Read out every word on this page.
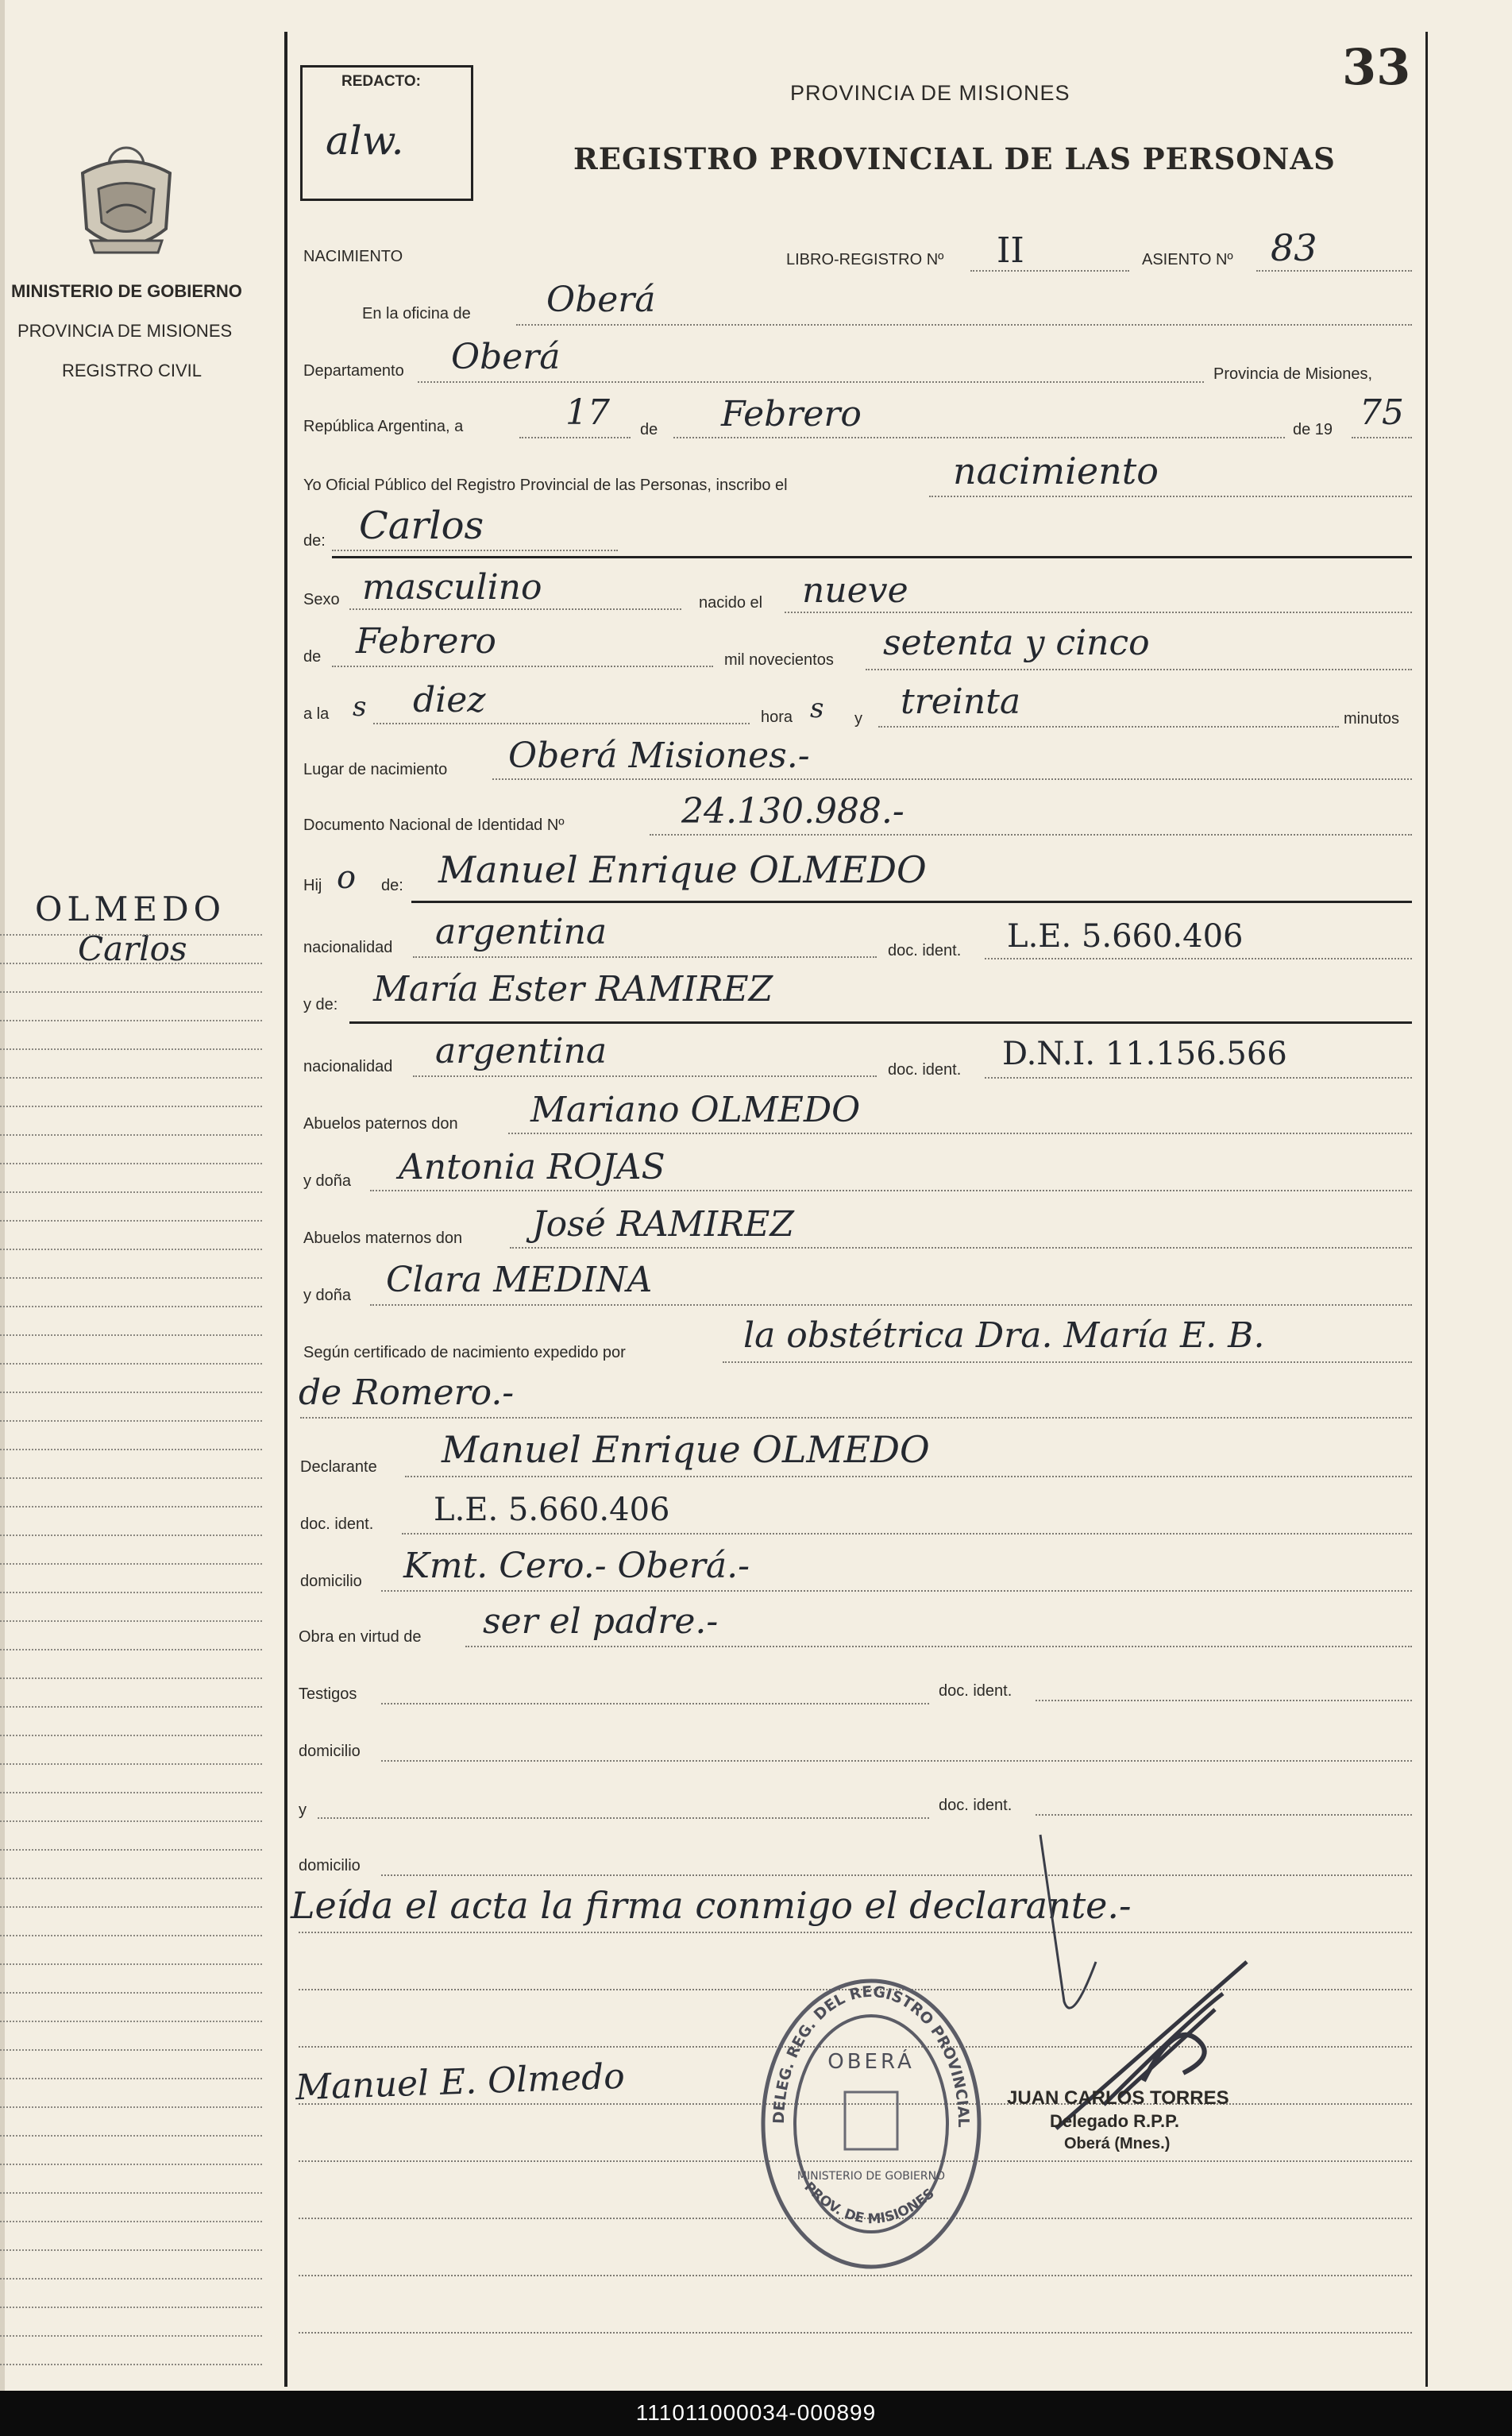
33
REDACTO:
alw.
PROVINCIA DE MISIONES
REGISTRO PROVINCIAL DE LAS PERSONAS
MINISTERIO DE GOBIERNO
PROVINCIA DE MISIONES
REGISTRO CIVIL
OLMEDO
Carlos
NACIMIENTO	LIBRO-REGISTRO Nº II	ASIENTO Nº 83
En la oficina de Oberá
Departamento Oberá	Provincia de Misiones,
República Argentina, a	17 de Febrero	de 19 75
Yo Oficial Público del Registro Provincial de las Personas, inscribo el	nacimiento
de: Carlos
Sexo masculino	nacido el nueve
de Febrero	mil novecientos setenta y cinco
a la s diez	hora s y treinta	minutos
Lugar de nacimiento Oberá Misiones.-
Documento Nacional de Identidad Nº	24.130.988.-
Hij o de: Manuel Enrique OLMEDO
nacionalidad argentina	doc. ident. L.E. 5.660.406
y de: María Ester RAMIREZ
nacionalidad argentina	doc. ident. D.N.I. 11.156.566
Abuelos paternos don Mariano OLMEDO
y doña Antonia ROJAS
Abuelos maternos don José RAMIREZ
y doña Clara MEDINA
Según certificado de nacimiento expedido por	la obstétrica Dra. María E. B.
de Romero.-
Declarante Manuel Enrique OLMEDO
doc. ident. L.E. 5.660.406
domicilio Kmt. Cero.- Oberá.-
Obra en virtud de ser el padre.-
Testigos	doc. ident.
domicilio
y	doc. ident.
domicilio
Leída el acta la firma conmigo el declarante.-
Manuel E. Olmedo
DELEG. REG. DEL REGISTRO PROVINCIAL
OBERÁ
MINISTERIO DE GOBIERNO
PROV. DE MISIONES
JUAN CARLOS TORRES
Delegado R.P.P.
Oberá (Mnes.)
111011000034-000899
